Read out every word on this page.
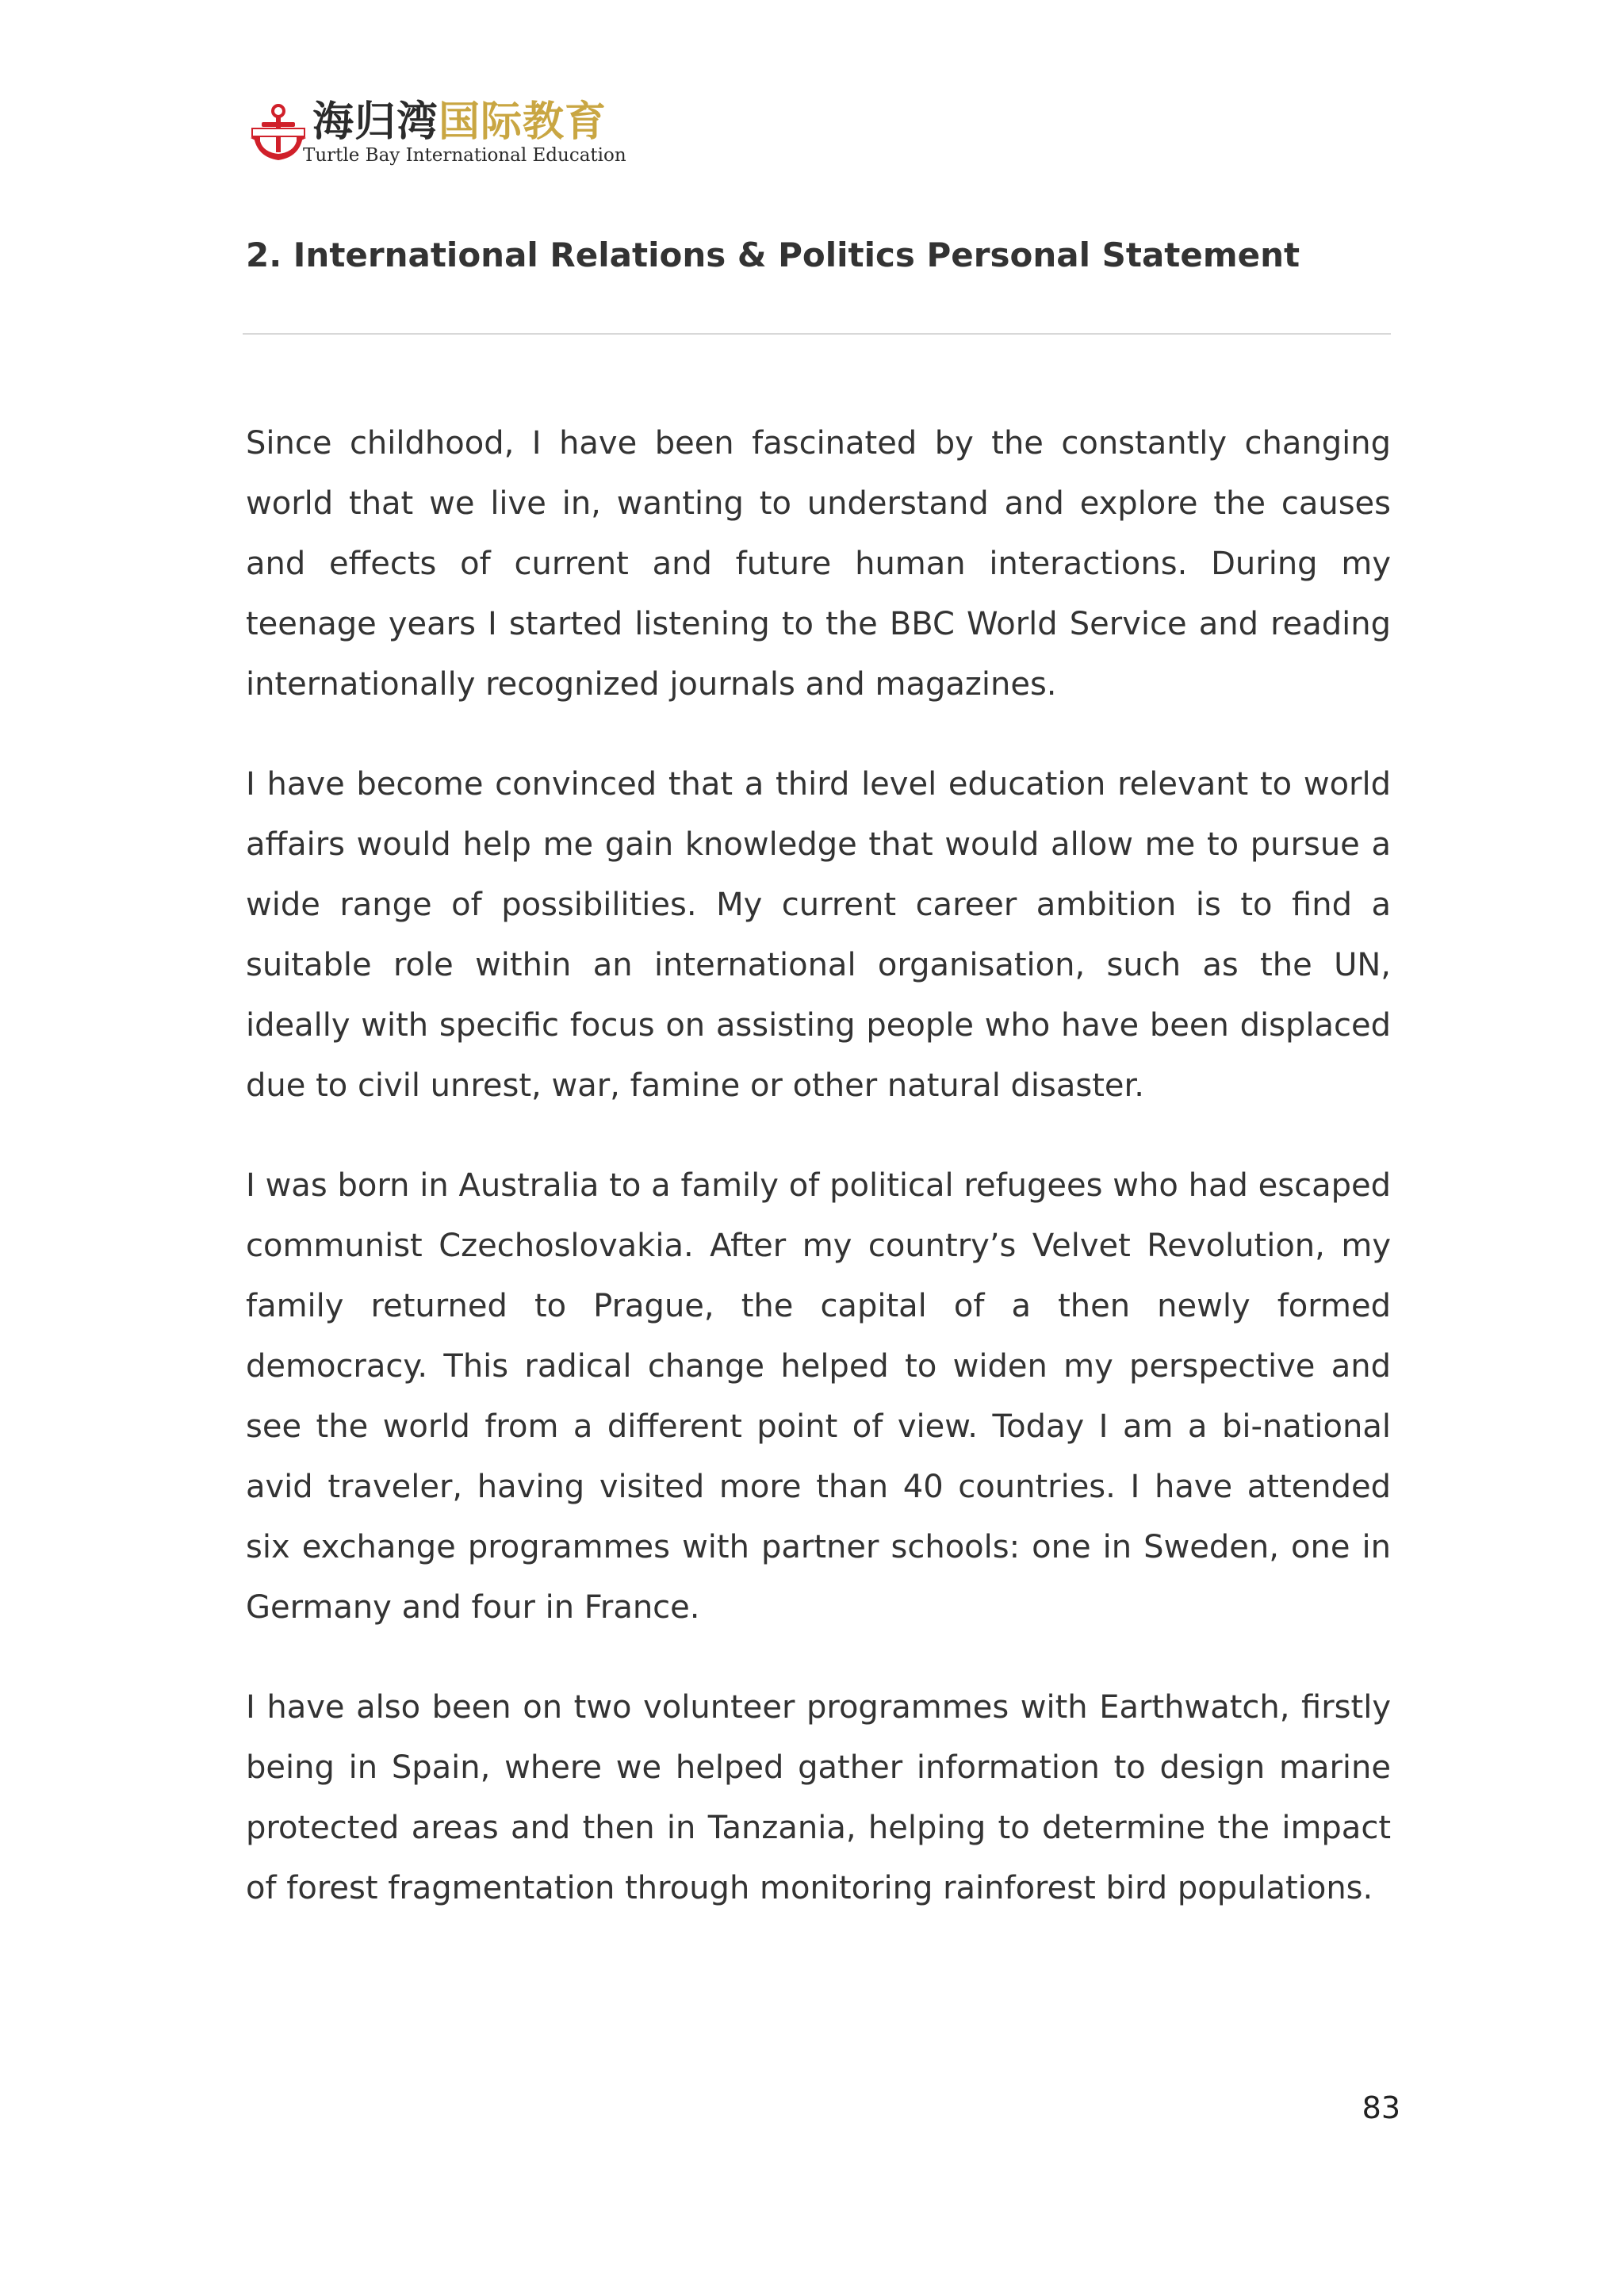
海归湾国际教育
Turtle Bay International Education
2. International Relations & Politics Personal Statement

Since childhood, I have been fascinated by the constantly changing world that we live in, wanting to understand and explore the causes and effects of current and future human interactions. During my teenage years I started listening to the BBC World Service and reading internationally recognized journals and magazines.

I have become convinced that a third level education relevant to world affairs would help me gain knowledge that would allow me to pursue a wide range of possibilities. My current career ambition is to find a suitable role within an international organisation, such as the UN, ideally with specific focus on assisting people who have been displaced due to civil unrest, war, famine or other natural disaster.

I was born in Australia to a family of political refugees who had escaped communist Czechoslovakia. After my country’s Velvet Revolution, my family returned to Prague, the capital of a then newly formed democracy. This radical change helped to widen my perspective and see the world from a different point of view. Today I am a bi-national avid traveler, having visited more than 40 countries. I have attended six exchange programmes with partner schools: one in Sweden, one in Germany and four in France.

I have also been on two volunteer programmes with Earthwatch, firstly being in Spain, where we helped gather information to design marine protected areas and then in Tanzania, helping to determine the impact of forest fragmentation through monitoring rainforest bird populations.

83
